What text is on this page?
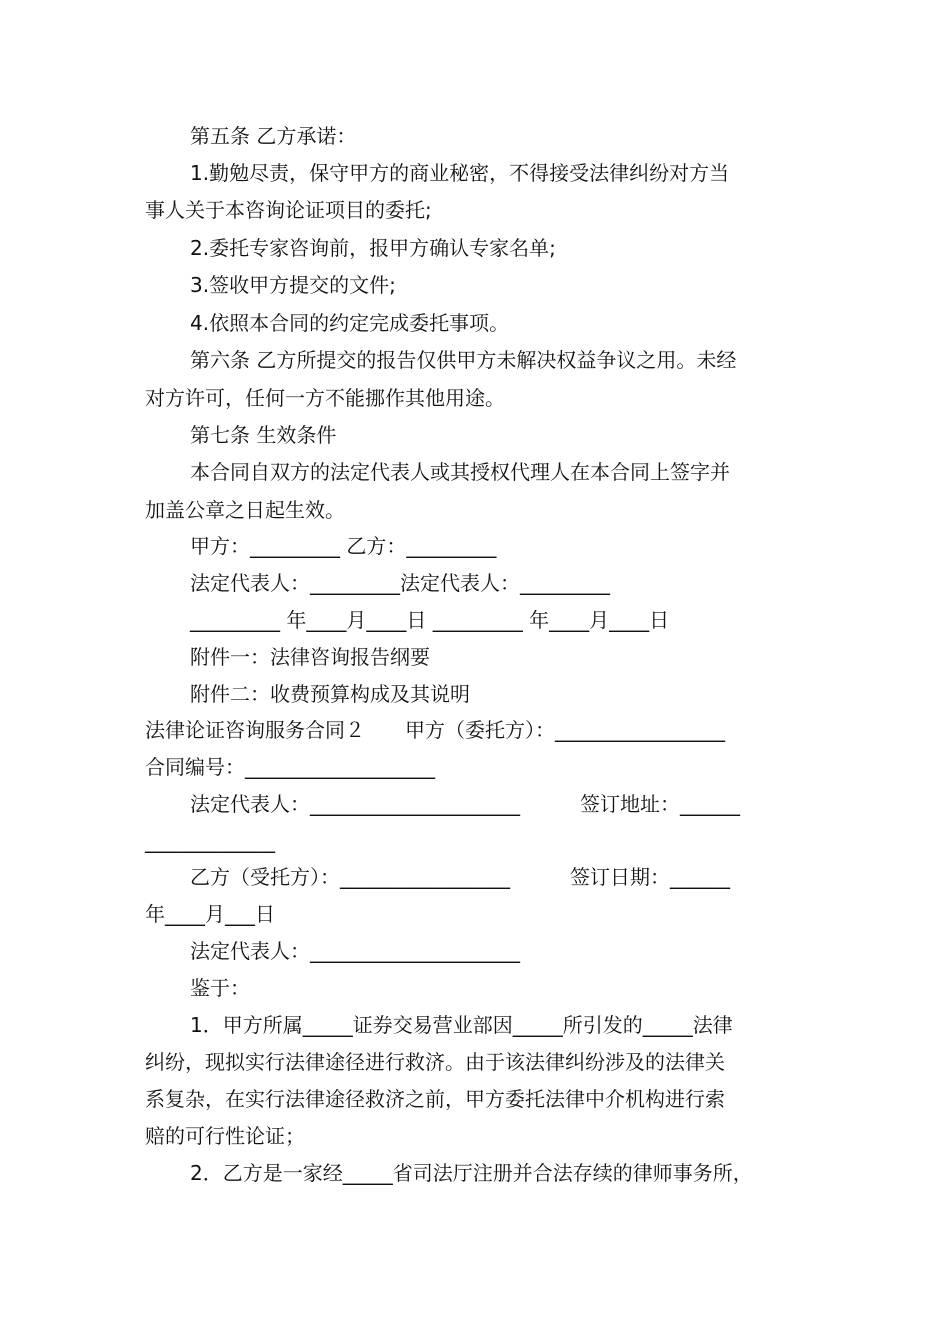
第五条 乙方承诺：
1.勤勉尽责，保守甲方的商业秘密，不得接受法律纠纷对方当
事人关于本咨询论证项目的委托;
2.委托专家咨询前，报甲方确认专家名单;
3.签收甲方提交的文件;
4.依照本合同的约定完成委托事项。
第六条 乙方所提交的报告仅供甲方未解决权益争议之用。未经
对方许可，任何一方不能挪作其他用途。
第七条 生效条件
本合同自双方的法定代表人或其授权代理人在本合同上签字并
加盖公章之日起生效。
甲方：_________ 乙方：_________
法定代表人：_________法定代表人：_________
_________ 年____月____日 _________ 年____月____日
附件一：法律咨询报告纲要
附件二：收费预算构成及其说明
法律论证咨询服务合同２　　甲方（委托方）：_________________
合同编号：___________________
法定代表人：_____________________　　　签订地址：______
_____________
乙方（受托方）：_________________　　　签订日期：______
年____月___日
法定代表人：_____________________
鉴于：
1．甲方所属_____证券交易营业部因_____所引发的_____法律
纠纷，现拟实行法律途径进行救济。由于该法律纠纷涉及的法律关
系复杂，在实行法律途径救济之前，甲方委托法律中介机构进行索
赔的可行性论证；
2．乙方是一家经_____省司法厅注册并合法存续的律师事务所，
